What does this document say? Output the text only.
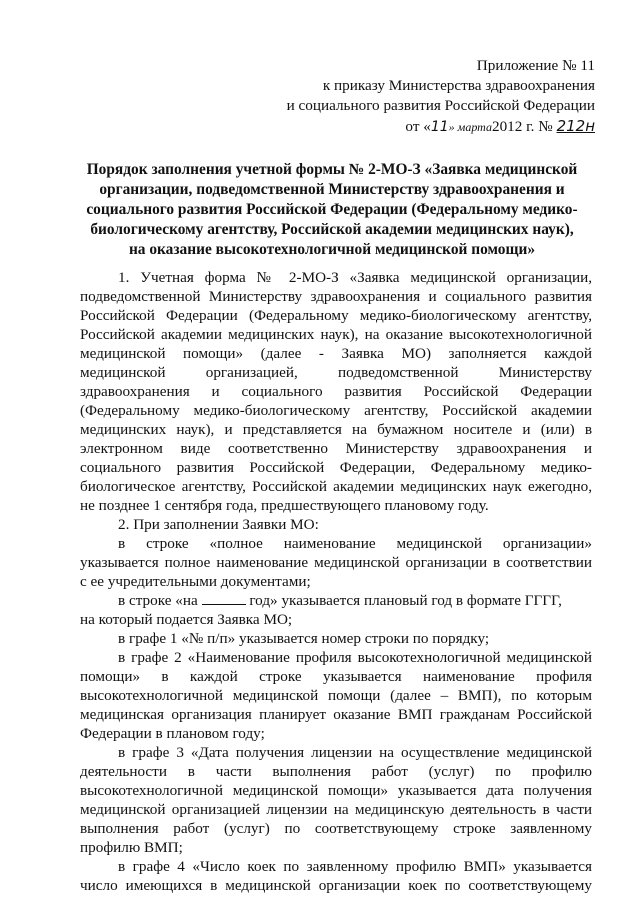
Приложение № 11
к приказу Министерства здравоохранения
и социального развития Российской Федерации
от «11» марта2012 г. № 212н
Порядок заполнения учетной формы № 2-МО-З «Заявка медицинской
организации, подведомственной Министерству здравоохранения и
социального развития Российской Федерации (Федеральному медико-
биологическому агентству, Российской академии медицинских наук),
на оказание высокотехнологичной медицинской помощи»
1. Учетная форма № 2-МО-З «Заявка медицинской организации,
подведомственной Министерству здравоохранения и социального развития
Российской Федерации (Федеральному медико-биологическому агентству,
Российской академии медицинских наук), на оказание высокотехнологичной
медицинской помощи» (далее - Заявка МО) заполняется каждой
медицинской организацией, подведомственной Министерству
здравоохранения и социального развития Российской Федерации
(Федеральному медико-биологическому агентству, Российской академии
медицинских наук), и представляется на бумажном носителе и (или) в
электронном виде соответственно Министерству здравоохранения и
социального развития Российской Федерации, Федеральному медико-
биологическое агентству, Российской академии медицинских наук ежегодно,
не позднее 1 сентября года, предшествующего плановому году.
2. При заполнении Заявки МО:
в строке «полное наименование медицинской организации»
указывается полное наименование медицинской организации в соответствии
с ее учредительными документами;
в строке «на	год» указывается плановый год в формате ГГГГ,
на который подается Заявка МО;
в графе 1 «№ п/п» указывается номер строки по порядку;
в графе 2 «Наименование профиля высокотехнологичной медицинской
помощи» в каждой строке указывается наименование профиля
высокотехнологичной медицинской помощи (далее – ВМП), по которым
медицинская организация планирует оказание ВМП гражданам Российской
Федерации в плановом году;
в графе 3 «Дата получения лицензии на осуществление медицинской
деятельности в части выполнения работ (услуг) по профилю
высокотехнологичной медицинской помощи» указывается дата получения
медицинской организацией лицензии на медицинскую деятельность в части
выполнения работ (услуг) по соответствующему строке заявленному
профилю ВМП;
в графе 4 «Число коек по заявленному профилю ВМП» указывается
число имеющихся в медицинской организации коек по соответствующему
